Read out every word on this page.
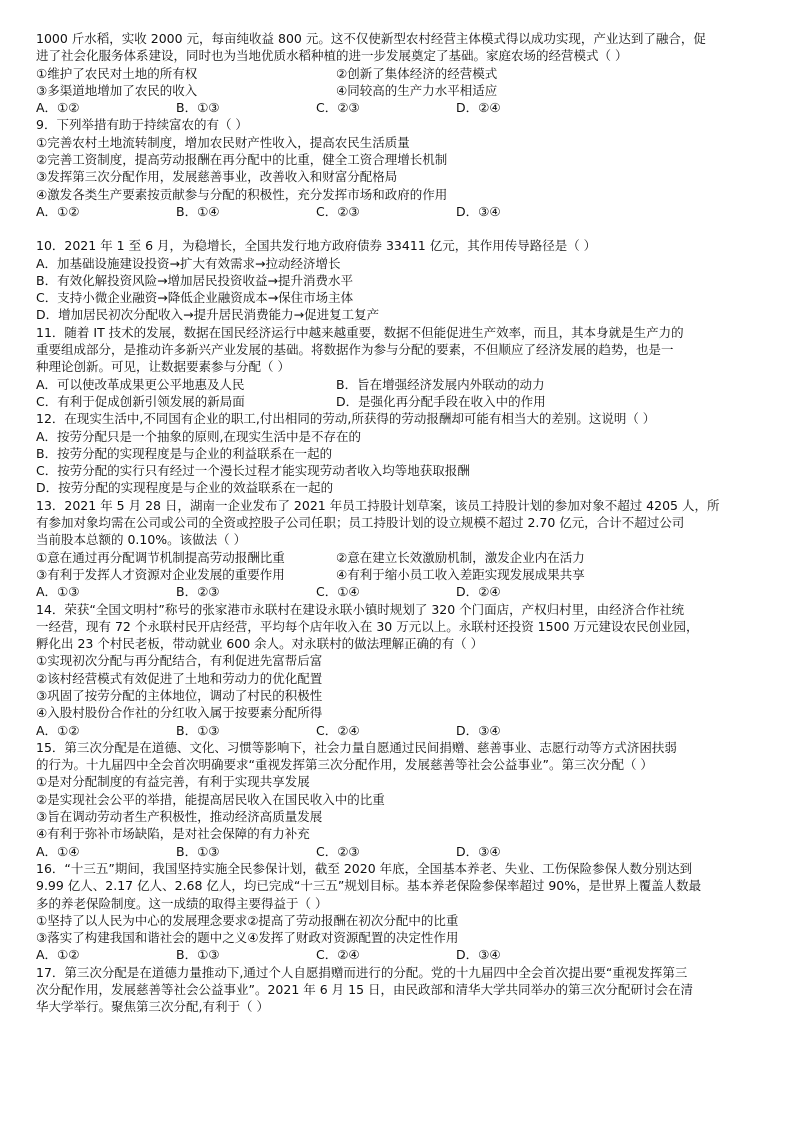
1000 斤水稻，实收 2000 元，每亩纯收益 800 元。这不仅使新型农村经营主体模式得以成功实现，产业达到了融合，促
进了社会化服务体系建设，同时也为当地优质水稻种植的进一步发展奠定了基础。家庭农场的经营模式（ ）
①维护了农民对土地的所有权	②创新了集体经济的经营模式
③多渠道地增加了农民的收入	④同较高的生产力水平相适应
A．①②	B．①③	C．②③	D．②④
9．下列举措有助于持续富农的有（ ）
①完善农村土地流转制度，增加农民财产性收入，提高农民生活质量
②完善工资制度，提高劳动报酬在再分配中的比重，健全工资合理增长机制
③发挥第三次分配作用，发展慈善事业，改善收入和财富分配格局
④激发各类生产要素按贡献参与分配的积极性，充分发挥市场和政府的作用
A．①②	B．①④	C．②③	D．③④
10．2021 年 1 至 6 月，为稳增长，全国共发行地方政府债券 33411 亿元，其作用传导路径是（ ）
A．加基础设施建设投资→扩大有效需求→拉动经济增长
B．有效化解投资风险→增加居民投资收益→提升消费水平
C．支持小微企业融资→降低企业融资成本→保住市场主体
D．增加居民初次分配收入→提升居民消费能力→促进复工复产
11．随着 IT 技术的发展，数据在国民经济运行中越来越重要，数据不但能促进生产效率，而且，其本身就是生产力的
重要组成部分，是推动许多新兴产业发展的基础。将数据作为参与分配的要素，不但顺应了经济发展的趋势，也是一
种理论创新。可见，让数据要素参与分配（ ）
A．可以使改革成果更公平地惠及人民	B．旨在增强经济发展内外联动的动力
C．有利于促成创新引领发展的新局面	D．是强化再分配手段在收入中的作用
12．在现实生活中,不同国有企业的职工,付出相同的劳动,所获得的劳动报酬却可能有相当大的差别。这说明（ ）
A．按劳分配只是一个抽象的原则,在现实生活中是不存在的
B．按劳分配的实现程度是与企业的利益联系在一起的
C．按劳分配的实行只有经过一个漫长过程才能实现劳动者收入均等地获取报酬
D．按劳分配的实现程度是与企业的效益联系在一起的
13．2021 年 5 月 28 日，湖南一企业发布了 2021 年员工持股计划草案，该员工持股计划的参加对象不超过 4205 人，所
有参加对象均需在公司或公司的全资或控股子公司任职；员工持股计划的设立规模不超过 2.70 亿元，合计不超过公司
当前股本总额的 0.10%。该做法（ ）
①意在通过再分配调节机制提高劳动报酬比重	②意在建立长效激励机制，激发企业内在活力
③有利于发挥人才资源对企业发展的重要作用	④有利于缩小员工收入差距实现发展成果共享
A．①③	B．②③	C．①④	D．②④
14．荣获“全国文明村”称号的张家港市永联村在建设永联小镇时规划了 320 个门面店，产权归村里，由经济合作社统
一经营，现有 72 个永联村民开店经营，平均每个店年收入在 30 万元以上。永联村还投资 1500 万元建设农民创业园，
孵化出 23 个村民老板，带动就业 600 余人。对永联村的做法理解正确的有（ ）
①实现初次分配与再分配结合，有利促进先富帮后富
②该村经营模式有效促进了土地和劳动力的优化配置
③巩固了按劳分配的主体地位，调动了村民的积极性
④入股村股份合作社的分红收入属于按要素分配所得
A．①②	B．①③	C．②④	D．③④
15．第三次分配是在道德、文化、习惯等影响下，社会力量自愿通过民间捐赠、慈善事业、志愿行动等方式济困扶弱
的行为。十九届四中全会首次明确要求“重视发挥第三次分配作用，发展慈善等社会公益事业”。第三次分配（ ）
①是对分配制度的有益完善，有利于实现共享发展
②是实现社会公平的举措，能提高居民收入在国民收入中的比重
③旨在调动劳动者生产积极性，推动经济高质量发展
④有利于弥补市场缺陷，是对社会保障的有力补充
A．①④	B．①③	C．②③	D．③④
16．“十三五”期间，我国坚持实施全民参保计划，截至 2020 年底，全国基本养老、失业、工伤保险参保人数分别达到
9.99 亿人、2.17 亿人、2.68 亿人，均已完成“十三五”规划目标。基本养老保险参保率超过 90%，是世界上覆盖人数最
多的养老保险制度。这一成绩的取得主要得益于（ ）
①坚持了以人民为中心的发展理念要求②提高了劳动报酬在初次分配中的比重
③落实了构建我国和谐社会的题中之义④发挥了财政对资源配置的决定性作用
A．①②	B．①③	C．②④	D．③④
17．第三次分配是在道德力量推动下,通过个人自愿捐赠而进行的分配。党的十九届四中全会首次提出要“重视发挥第三
次分配作用，发展慈善等社会公益事业”。2021 年 6 月 15 日，由民政部和清华大学共同举办的第三次分配研讨会在清
华大学举行。聚焦第三次分配,有利于（ ）
